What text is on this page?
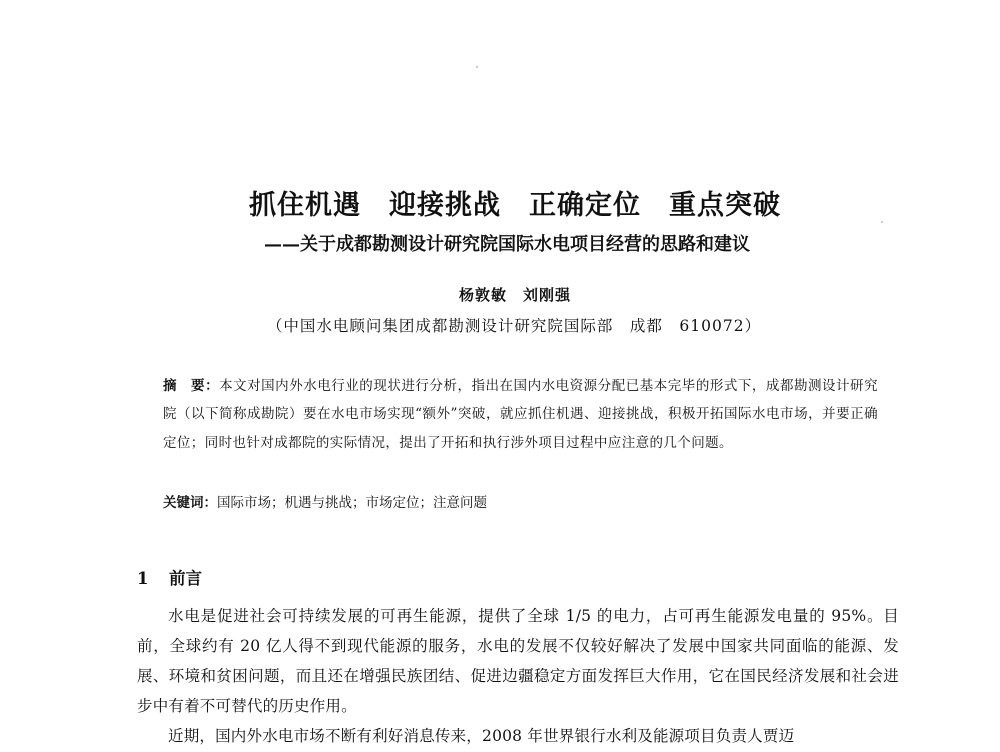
抓住机遇　迎接挑战　正确定位　重点突破
——关于成都勘测设计研究院国际水电项目经营的思路和建议
杨敦敏　刘刚强
（中国水电顾问集团成都勘测设计研究院国际部　成都　610072）
摘　要：本文对国内外水电行业的现状进行分析，指出在国内水电资源分配已基本完毕的形式下，成都勘测设计研究院（以下简称成勘院）要在水电市场实现“额外”突破，就应抓住机遇、迎接挑战，积极开拓国际水电市场，并要正确定位；同时也针对成都院的实际情况，提出了开拓和执行涉外项目过程中应注意的几个问题。
关键词：国际市场；机遇与挑战；市场定位；注意问题
1 前言

水电是促进社会可持续发展的可再生能源，提供了全球 1/5 的电力，占可再生能源发电量的 95%。目前，全球约有 20 亿人得不到现代能源的服务，水电的发展不仅较好解决了发展中国家共同面临的能源、发展、环境和贫困问题，而且还在增强民族团结、促进边疆稳定方面发挥巨大作用，它在国民经济发展和社会进步中有着不可替代的历史作用。

近期，国内外水电市场不断有利好消息传来，2008 年世界银行水利及能源项目负责人贾迈
